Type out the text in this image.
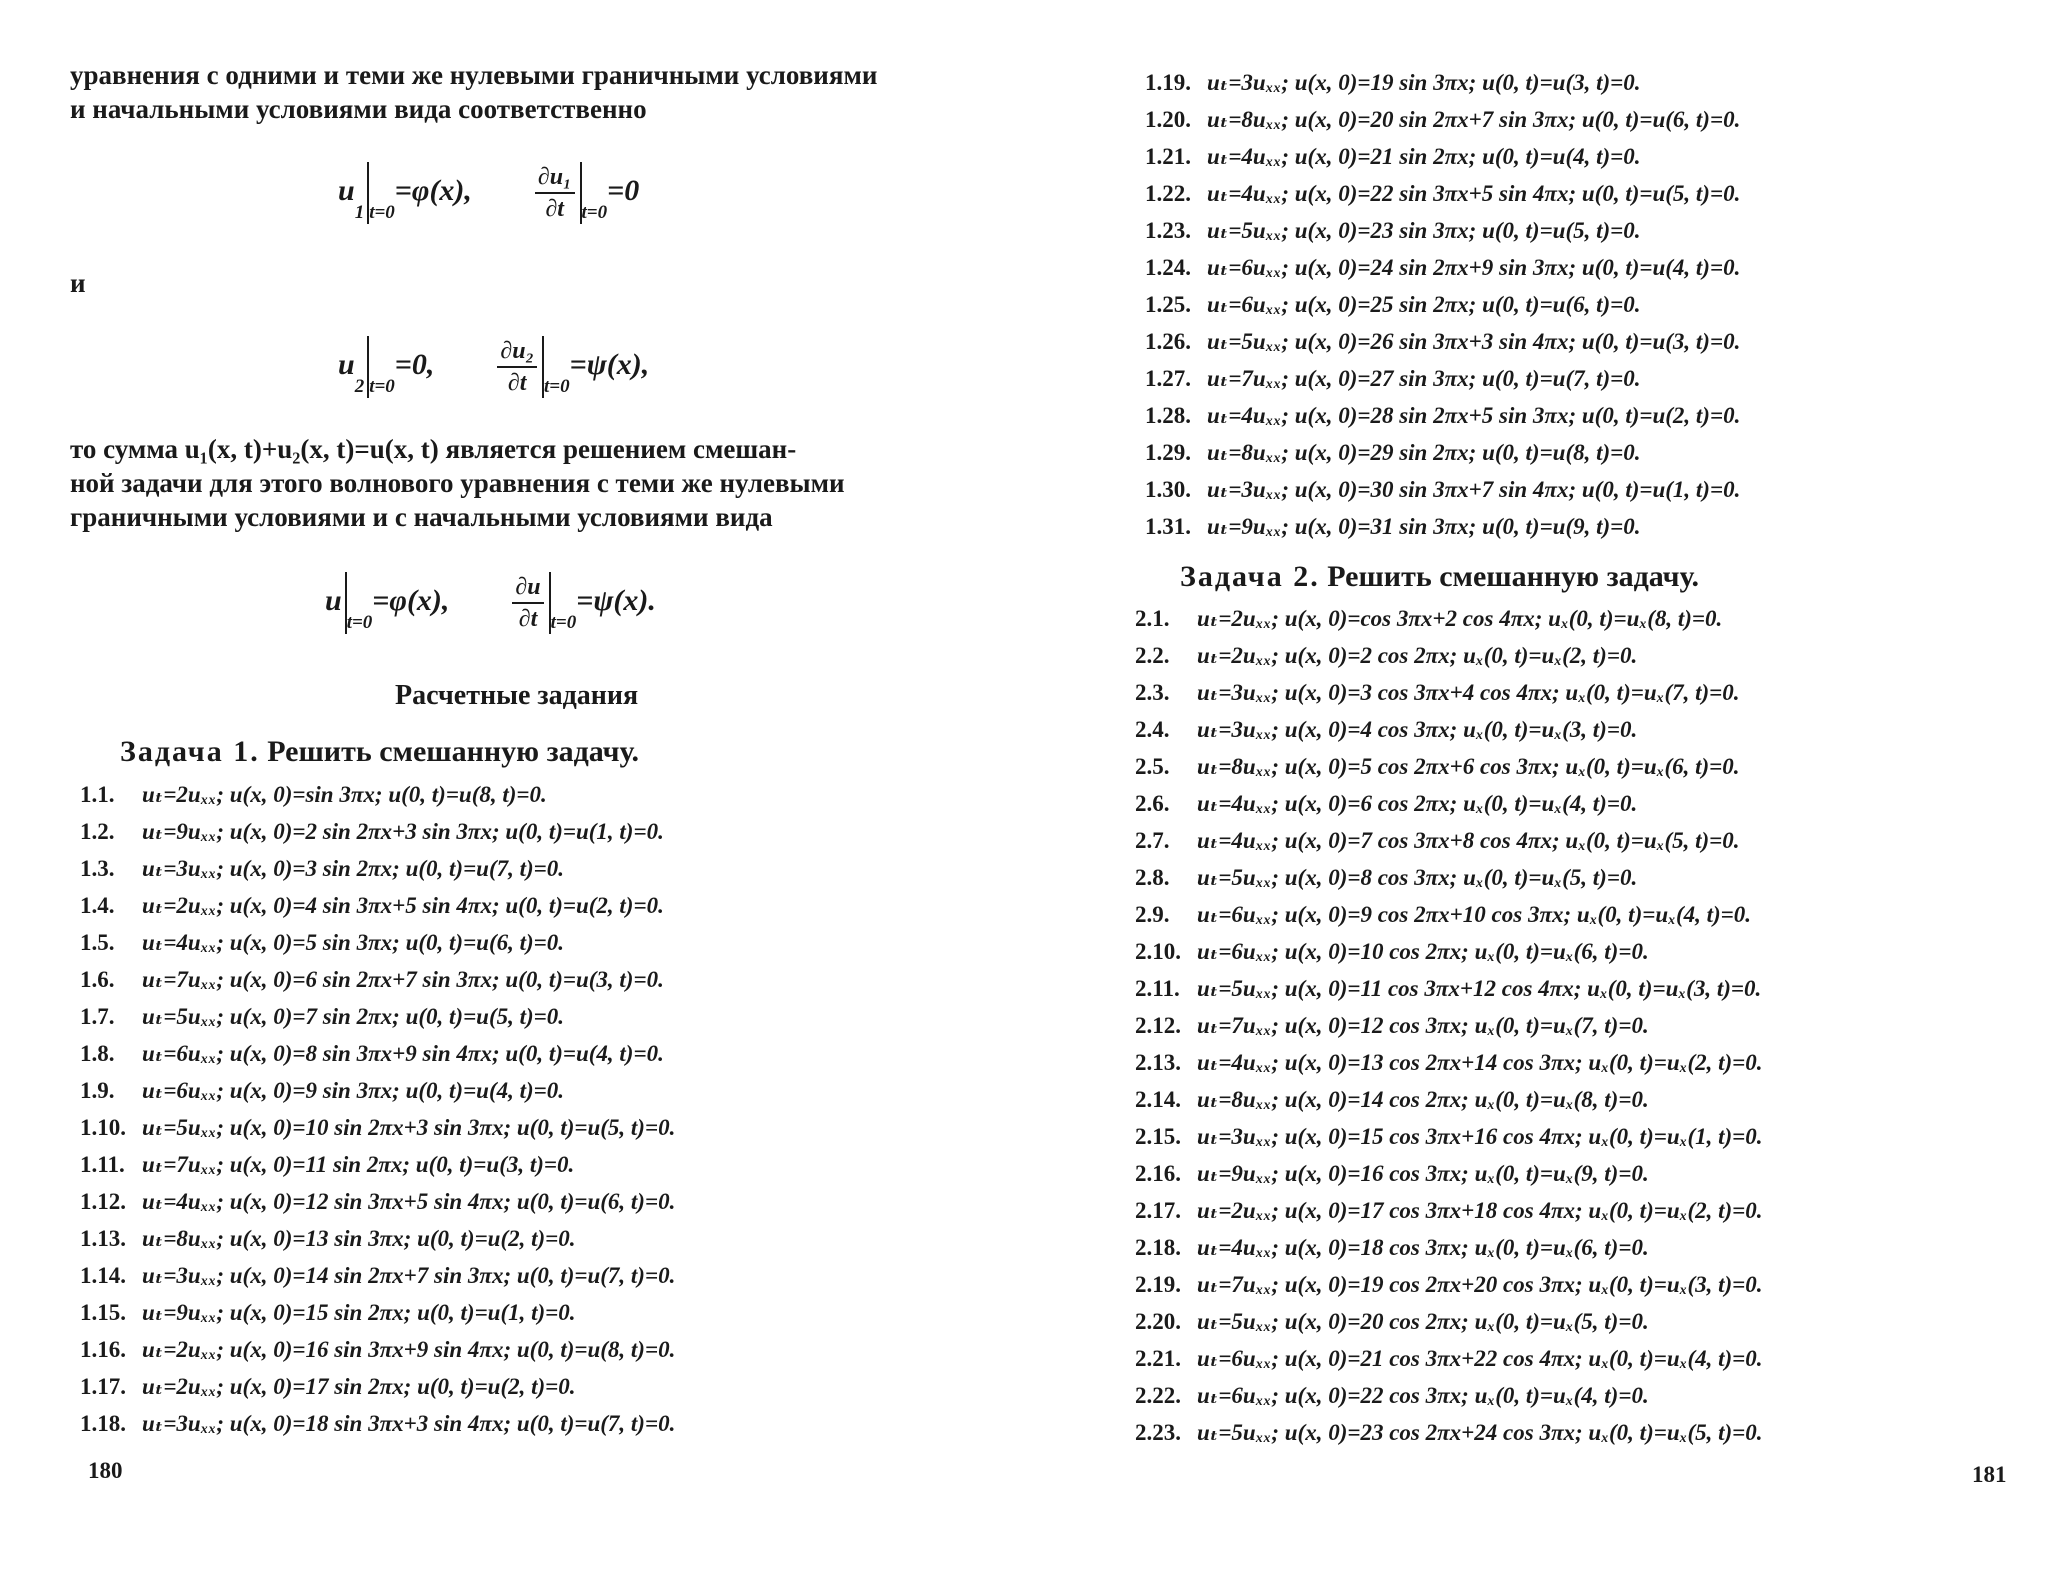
уравнения с одними и теми же нулевыми граничными условиями

и начальными условиями вида соответственно

$u_1$ $_{t=0}$=φ(x),	$\frac{\text{∂u₁}}{\partial t} _{t=0}=0$
и
$u_2$ $_{t=0}$=0,	$\frac{\text{∂u₂}}{\partial t} _{t=0}=\psi(x)$,

то сумма u₁(x, t)+u₂(x, t)=u(x, t) является решением смешан-

ной задачи для этого волнового уравнения с теми же нулевыми

граничными условиями и с начальными условиями вида

$u_{t=0}=\varphi(x)$,	$\frac{\partial u}{\partial t} _{t=0}=\psi(x)$.
Расчетные задания
Задача 1. Решить смешанную задачу.
1.1. uₜ=2uₓₓ; u(x, 0)=sin 3πx; u(0, t)=u(8, t)=0.
1.2. uₜ=9uₓₓ; u(x, 0)=2 sin 2πx+3 sin 3πx; u(0, t)=u(1, t)=0.
1.3. uₜ=3uₓₓ; u(x, 0)=3 sin 2πx; u(0, t)=u(7, t)=0.
1.4. uₜ=2uₓₓ; u(x, 0)=4 sin 3πx+5 sin 4πx; u(0, t)=u(2, t)=0.
1.5. uₜ=4uₓₓ; u(x, 0)=5 sin 3πx; u(0, t)=u(6, t)=0.
1.6. uₜ=7uₓₓ; u(x, 0)=6 sin 2πx+7 sin 3πx; u(0, t)=u(3, t)=0.
1.7. uₜ=5uₓₓ; u(x, 0)=7 sin 2πx; u(0, t)=u(5, t)=0.
1.8. uₜ=6uₓₓ; u(x, 0)=8 sin 3πx+9 sin 4πx; u(0, t)=u(4, t)=0.
1.9. uₜ=6uₓₓ; u(x, 0)=9 sin 3πx; u(0, t)=u(4, t)=0.
1.10. uₜ=5uₓₓ; u(x, 0)=10 sin 2πx+3 sin 3πx; u(0, t)=u(5, t)=0.
1.11. uₜ=7uₓₓ; u(x, 0)=11 sin 2πx; u(0, t)=u(3, t)=0.
1.12. uₜ=4uₓₓ; u(x, 0)=12 sin 3πx+5 sin 4πx; u(0, t)=u(6, t)=0.
1.13. uₜ=8uₓₓ; u(x, 0)=13 sin 3πx; u(0, t)=u(2, t)=0.
1.14. uₜ=3uₓₓ; u(x, 0)=14 sin 2πx+7 sin 3πx; u(0, t)=u(7, t)=0.
1.15. uₜ=9uₓₓ; u(x, 0)=15 sin 2πx; u(0, t)=u(1, t)=0.
1.16. uₜ=2uₓₓ; u(x, 0)=16 sin 3πx+9 sin 4πx; u(0, t)=u(8, t)=0.
1.17. uₜ=2uₓₓ; u(x, 0)=17 sin 2πx; u(0, t)=u(2, t)=0.
1.18. uₜ=3uₓₓ; u(x, 0)=18 sin 3πx+3 sin 4πx; u(0, t)=u(7, t)=0.
180
1.19. uₜ=3uₓₓ; u(x, 0)=19 sin 3πx; u(0, t)=u(3, t)=0.
1.20. uₜ=8uₓₓ; u(x, 0)=20 sin 2πx+7 sin 3πx; u(0, t)=u(6, t)=0.
1.21. uₜ=4uₓₓ; u(x, 0)=21 sin 2πx; u(0, t)=u(4, t)=0.
1.22. uₜ=4uₓₓ; u(x, 0)=22 sin 3πx+5 sin 4πx; u(0, t)=u(5, t)=0.
1.23. uₜ=5uₓₓ; u(x, 0)=23 sin 3πx; u(0, t)=u(5, t)=0.
1.24. uₜ=6uₓₓ; u(x, 0)=24 sin 2πx+9 sin 3πx; u(0, t)=u(4, t)=0.
1.25. uₜ=6uₓₓ; u(x, 0)=25 sin 2πx; u(0, t)=u(6, t)=0.
1.26. uₜ=5uₓₓ; u(x, 0)=26 sin 3πx+3 sin 4πx; u(0, t)=u(3, t)=0.
1.27. uₜ=7uₓₓ; u(x, 0)=27 sin 3πx; u(0, t)=u(7, t)=0.
1.28. uₜ=4uₓₓ; u(x, 0)=28 sin 2πx+5 sin 3πx; u(0, t)=u(2, t)=0.
1.29. uₜ=8uₓₓ; u(x, 0)=29 sin 2πx; u(0, t)=u(8, t)=0.
1.30. uₜ=3uₓₓ; u(x, 0)=30 sin 3πx+7 sin 4πx; u(0, t)=u(1, t)=0.
1.31. uₜ=9uₓₓ; u(x, 0)=31 sin 3πx; u(0, t)=u(9, t)=0.
Задача 2. Решить смешанную задачу.
2.1. uₜ=2uₓₓ; u(x, 0)=cos 3πx+2 cos 4πx; uₓ(0, t)=uₓ(8, t)=0.
2.2. uₜ=2uₓₓ; u(x, 0)=2 cos 2πx; uₓ(0, t)=uₓ(2, t)=0.
2.3. uₜ=3uₓₓ; u(x, 0)=3 cos 3πx+4 cos 4πx; uₓ(0, t)=uₓ(7, t)=0.
2.4. uₜ=3uₓₓ; u(x, 0)=4 cos 3πx; uₓ(0, t)=uₓ(3, t)=0.
2.5. uₜ=8uₓₓ; u(x, 0)=5 cos 2πx+6 cos 3πx; uₓ(0, t)=uₓ(6, t)=0.
2.6. uₜ=4uₓₓ; u(x, 0)=6 cos 2πx; uₓ(0, t)=uₓ(4, t)=0.
2.7. uₜ=4uₓₓ; u(x, 0)=7 cos 3πx+8 cos 4πx; uₓ(0, t)=uₓ(5, t)=0.
2.8. uₜ=5uₓₓ; u(x, 0)=8 cos 3πx; uₓ(0, t)=uₓ(5, t)=0.
2.9. uₜ=6uₓₓ; u(x, 0)=9 cos 2πx+10 cos 3πx; uₓ(0, t)=uₓ(4, t)=0.
2.10. uₜ=6uₓₓ; u(x, 0)=10 cos 2πx; uₓ(0, t)=uₓ(6, t)=0.
2.11. uₜ=5uₓₓ; u(x, 0)=11 cos 3πx+12 cos 4πx; uₓ(0, t)=uₓ(3, t)=0.
2.12. uₜ=7uₓₓ; u(x, 0)=12 cos 3πx; uₓ(0, t)=uₓ(7, t)=0.
2.13. uₜ=4uₓₓ; u(x, 0)=13 cos 2πx+14 cos 3πx; uₓ(0, t)=uₓ(2, t)=0.
2.14. uₜ=8uₓₓ; u(x, 0)=14 cos 2πx; uₓ(0, t)=uₓ(8, t)=0.
2.15. uₜ=3uₓₓ; u(x, 0)=15 cos 3πx+16 cos 4πx; uₓ(0, t)=uₓ(1, t)=0.
2.16. uₜ=9uₓₓ; u(x, 0)=16 cos 3πx; uₓ(0, t)=uₓ(9, t)=0.
2.17. uₜ=2uₓₓ; u(x, 0)=17 cos 3πx+18 cos 4πx; uₓ(0, t)=uₓ(2, t)=0.
2.18. uₜ=4uₓₓ; u(x, 0)=18 cos 3πx; uₓ(0, t)=uₓ(6, t)=0.
2.19. uₜ=7uₓₓ; u(x, 0)=19 cos 2πx+20 cos 3πx; uₓ(0, t)=uₓ(3, t)=0.
2.20. uₜ=5uₓₓ; u(x, 0)=20 cos 2πx; uₓ(0, t)=uₓ(5, t)=0.
2.21. uₜ=6uₓₓ; u(x, 0)=21 cos 3πx+22 cos 4πx; uₓ(0, t)=uₓ(4, t)=0.
2.22. uₜ=6uₓₓ; u(x, 0)=22 cos 3πx; uₓ(0, t)=uₓ(4, t)=0.
2.23. uₜ=5uₓₓ; u(x, 0)=23 cos 2πx+24 cos 3πx; uₓ(0, t)=uₓ(5, t)=0.
181
